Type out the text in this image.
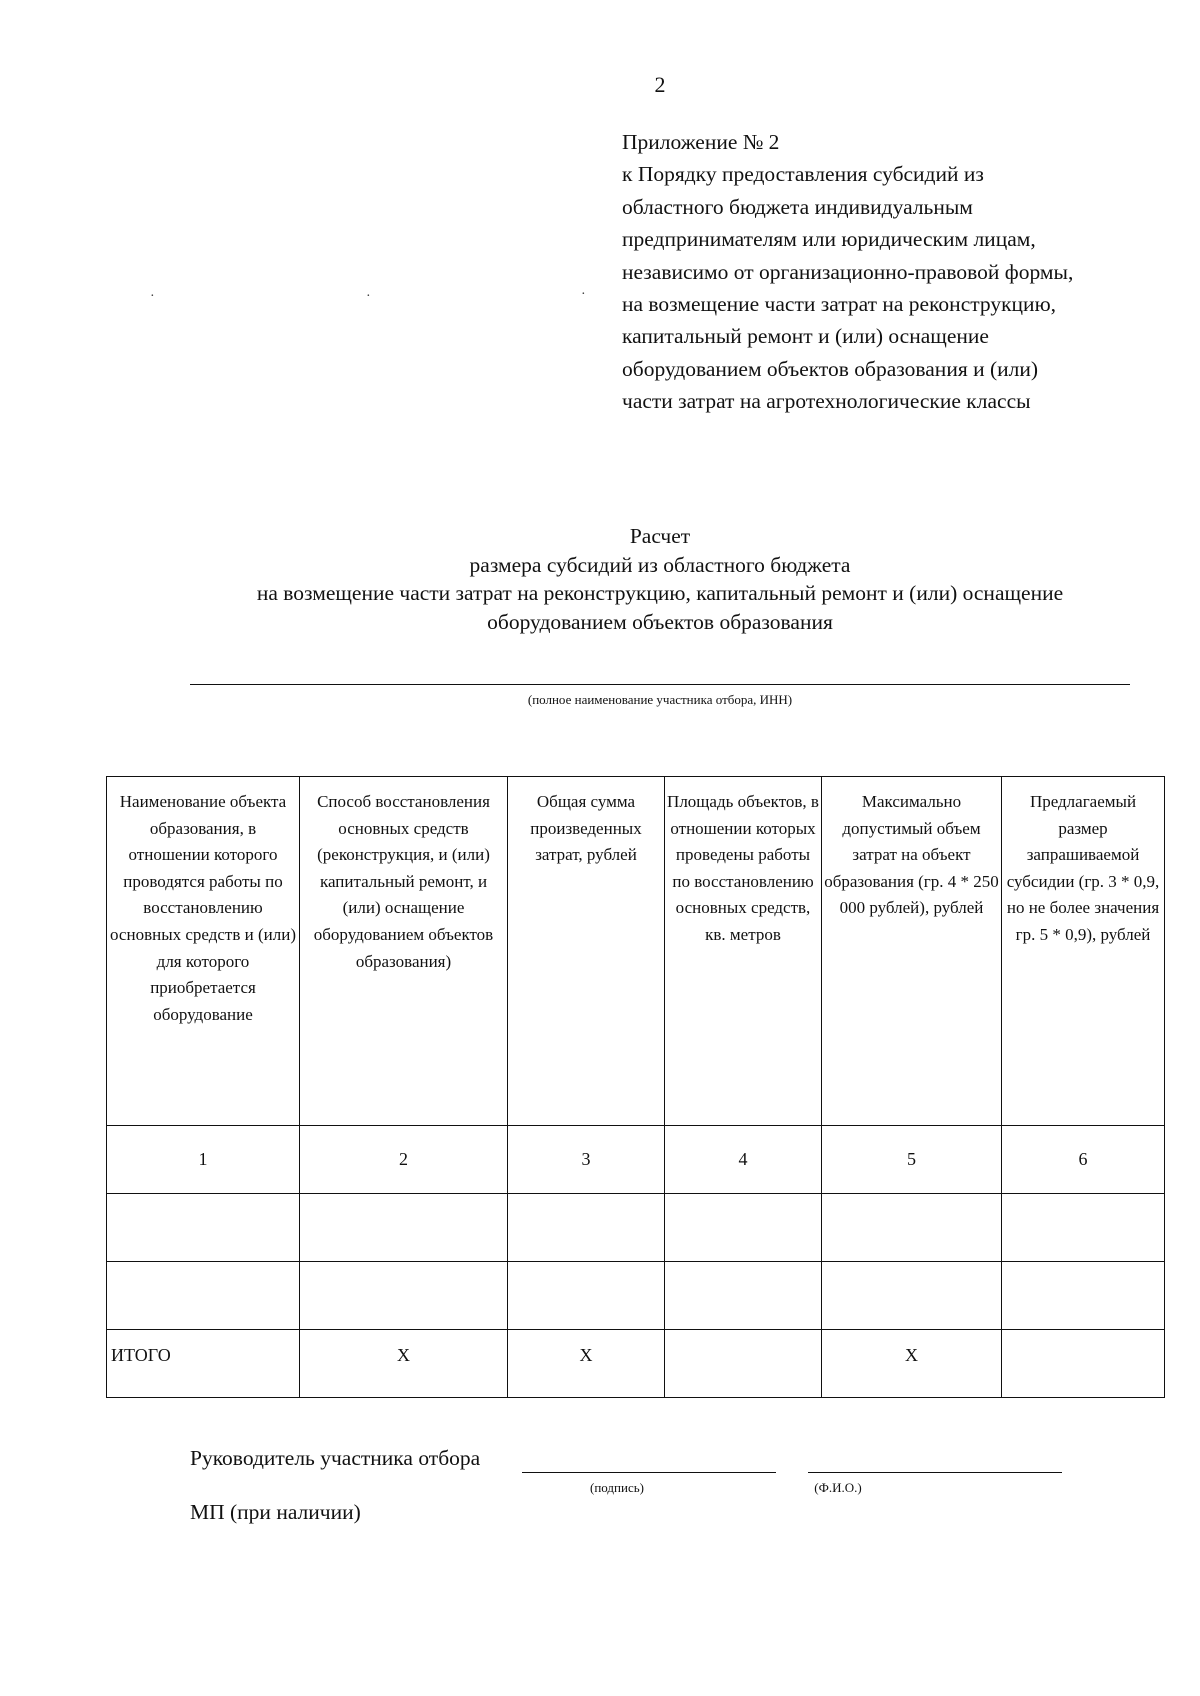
2
Приложение № 2
к Порядку предоставления субсидий из
областного бюджета индивидуальным
предпринимателям или юридическим лицам,
независимо от организационно-правовой формы,
на возмещение части затрат на реконструкцию,
капитальный ремонт и (или) оснащение
оборудованием объектов образования и (или)
части затрат на агротехнологические классы
·	·	·
Расчет
размера субсидий из областного бюджета
на возмещение части затрат на реконструкцию, капитальный ремонт и (или) оснащение
оборудованием объектов образования
(полное наименование участника отбора, ИНН)
Наименование объекта образования, в отношении которого проводятся работы по восстановлению основных средств и (или) для которого приобретается оборудование	Способ восстановления основных средств (реконструкция, и (или) капитальный ремонт, и (или) оснащение оборудованием объектов образования)	Общая сумма произведенных затрат, рублей	Площадь объектов, в отношении которых проведены работы по восстановлению основных средств, кв. метров	Максимально допустимый объем затрат на объект образования (гр. 4 * 250 000 рублей), рублей	Предлагаемый размер запрашиваемой субсидии (гр. 3 * 0,9, но не более значения гр. 5 * 0,9), рублей
1	2	3	4	5	6

ИТОГО	Х	Х		Х	
Руководитель участника отбора
(подпись)	(Ф.И.О.)
МП (при наличии)
